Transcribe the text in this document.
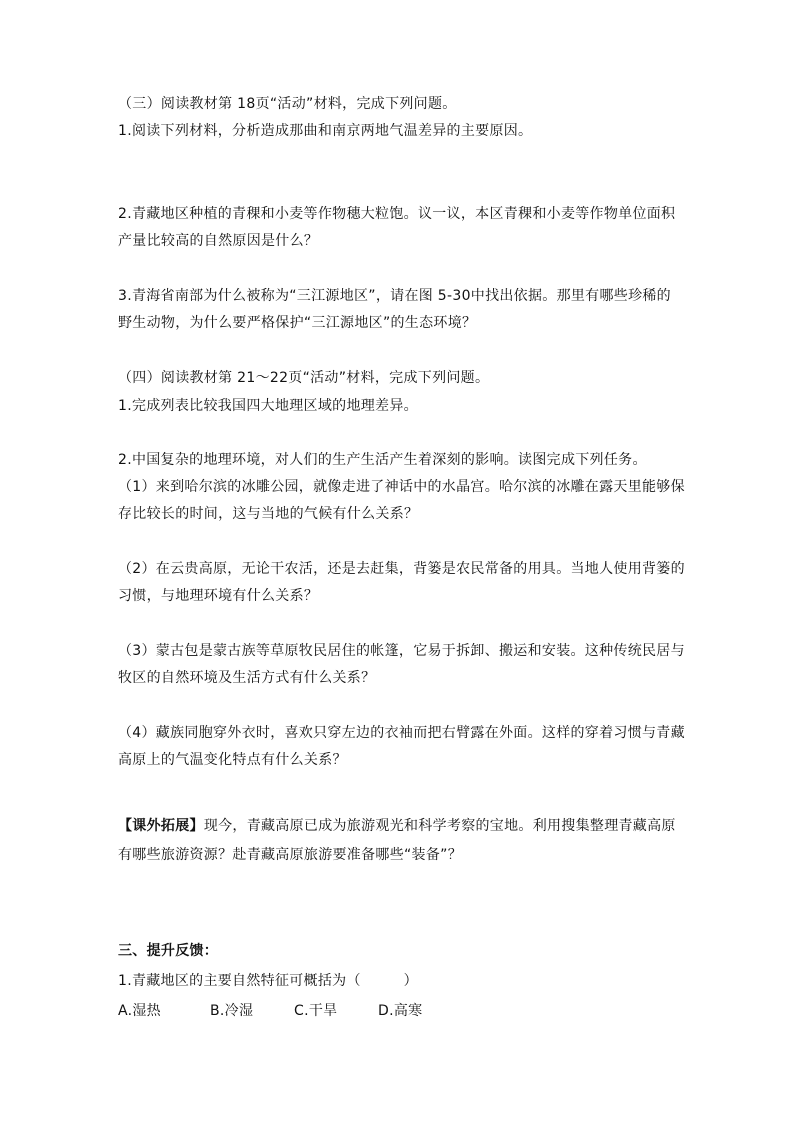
（三）阅读教材第 18页“活动”材料，完成下列问题。
1.阅读下列材料，分析造成那曲和南京两地气温差异的主要原因。
2.青藏地区种植的青稞和小麦等作物穗大粒饱。议一议，本区青稞和小麦等作物单位面积
产量比较高的自然原因是什么？
3.青海省南部为什么被称为“三江源地区”，请在图 5-30中找出依据。那里有哪些珍稀的
野生动物，为什么要严格保护“三江源地区”的生态环境？
（四）阅读教材第 21～22页“活动”材料，完成下列问题。
1.完成列表比较我国四大地理区域的地理差异。
2.中国复杂的地理环境，对人们的生产生活产生着深刻的影响。读图完成下列任务。
（1）来到哈尔滨的冰雕公园，就像走进了神话中的水晶宫。哈尔滨的冰雕在露天里能够保
存比较长的时间，这与当地的气候有什么关系？
（2）在云贵高原，无论干农活，还是去赶集，背篓是农民常备的用具。当地人使用背篓的
习惯，与地理环境有什么关系？
（3）蒙古包是蒙古族等草原牧民居住的帐篷，它易于拆卸、搬运和安装。这种传统民居与
牧区的自然环境及生活方式有什么关系？
（4）藏族同胞穿外衣时，喜欢只穿左边的衣袖而把右臂露在外面。这样的穿着习惯与青藏
高原上的气温变化特点有什么关系？
【课外拓展】现今，青藏高原已成为旅游观光和科学考察的宝地。利用搜集整理青藏高原
有哪些旅游资源？赴青藏高原旅游要准备哪些“装备”？
三、提升反馈：
1.青藏地区的主要自然特征可概括为（　　　）
A.湿热	B.冷湿	C.干旱	D.高寒
